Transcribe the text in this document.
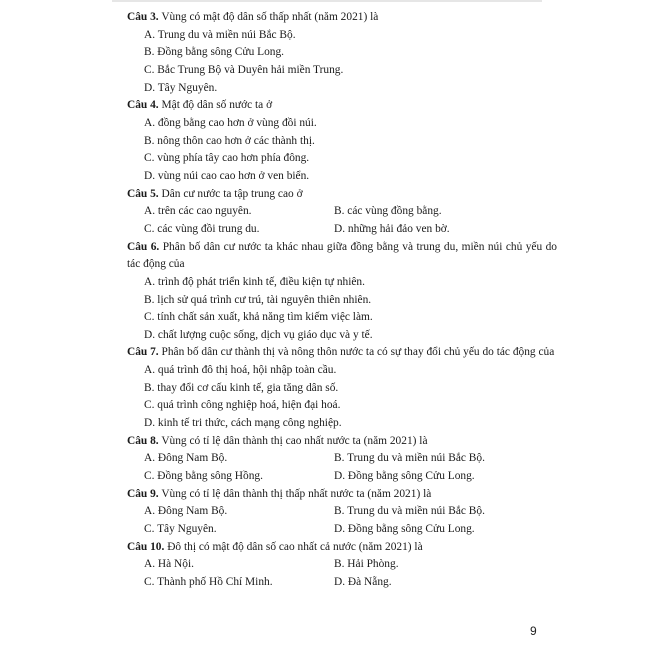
Câu 3. Vùng có mật độ dân số thấp nhất (năm 2021) là
A. Trung du và miền núi Bắc Bộ.
B. Đồng bằng sông Cửu Long.
C. Bắc Trung Bộ và Duyên hải miền Trung.
D. Tây Nguyên.
Câu 4. Mật độ dân số nước ta ở
A. đồng bằng cao hơn ở vùng đồi núi.
B. nông thôn cao hơn ở các thành thị.
C. vùng phía tây cao hơn phía đông.
D. vùng núi cao cao hơn ở ven biển.
Câu 5. Dân cư nước ta tập trung cao ở
A. trên các cao nguyên.	B. các vùng đồng bằng.
C. các vùng đồi trung du.	D. những hải đảo ven bờ.
Câu 6. Phân bố dân cư nước ta khác nhau giữa đồng bằng và trung du, miền núi chủ yếu do tác động của
A. trình độ phát triển kinh tế, điều kiện tự nhiên.
B. lịch sử quá trình cư trú, tài nguyên thiên nhiên.
C. tính chất sản xuất, khả năng tìm kiếm việc làm.
D. chất lượng cuộc sống, dịch vụ giáo dục và y tế.
Câu 7. Phân bố dân cư thành thị và nông thôn nước ta có sự thay đổi chủ yếu do tác động của
A. quá trình đô thị hoá, hội nhập toàn cầu.
B. thay đổi cơ cấu kinh tế, gia tăng dân số.
C. quá trình công nghiệp hoá, hiện đại hoá.
D. kinh tế tri thức, cách mạng công nghiệp.
Câu 8. Vùng có tỉ lệ dân thành thị cao nhất nước ta (năm 2021) là
A. Đông Nam Bộ.	B. Trung du và miền núi Bắc Bộ.
C. Đồng bằng sông Hồng.	D. Đồng bằng sông Cửu Long.
Câu 9. Vùng có tỉ lệ dân thành thị thấp nhất nước ta (năm 2021) là
A. Đông Nam Bộ.	B. Trung du và miền núi Bắc Bộ.
C. Tây Nguyên.	D. Đồng bằng sông Cửu Long.
Câu 10. Đô thị có mật độ dân số cao nhất cả nước (năm 2021) là
A. Hà Nội.	B. Hải Phòng.
C. Thành phố Hồ Chí Minh.	D. Đà Nẵng.
9
